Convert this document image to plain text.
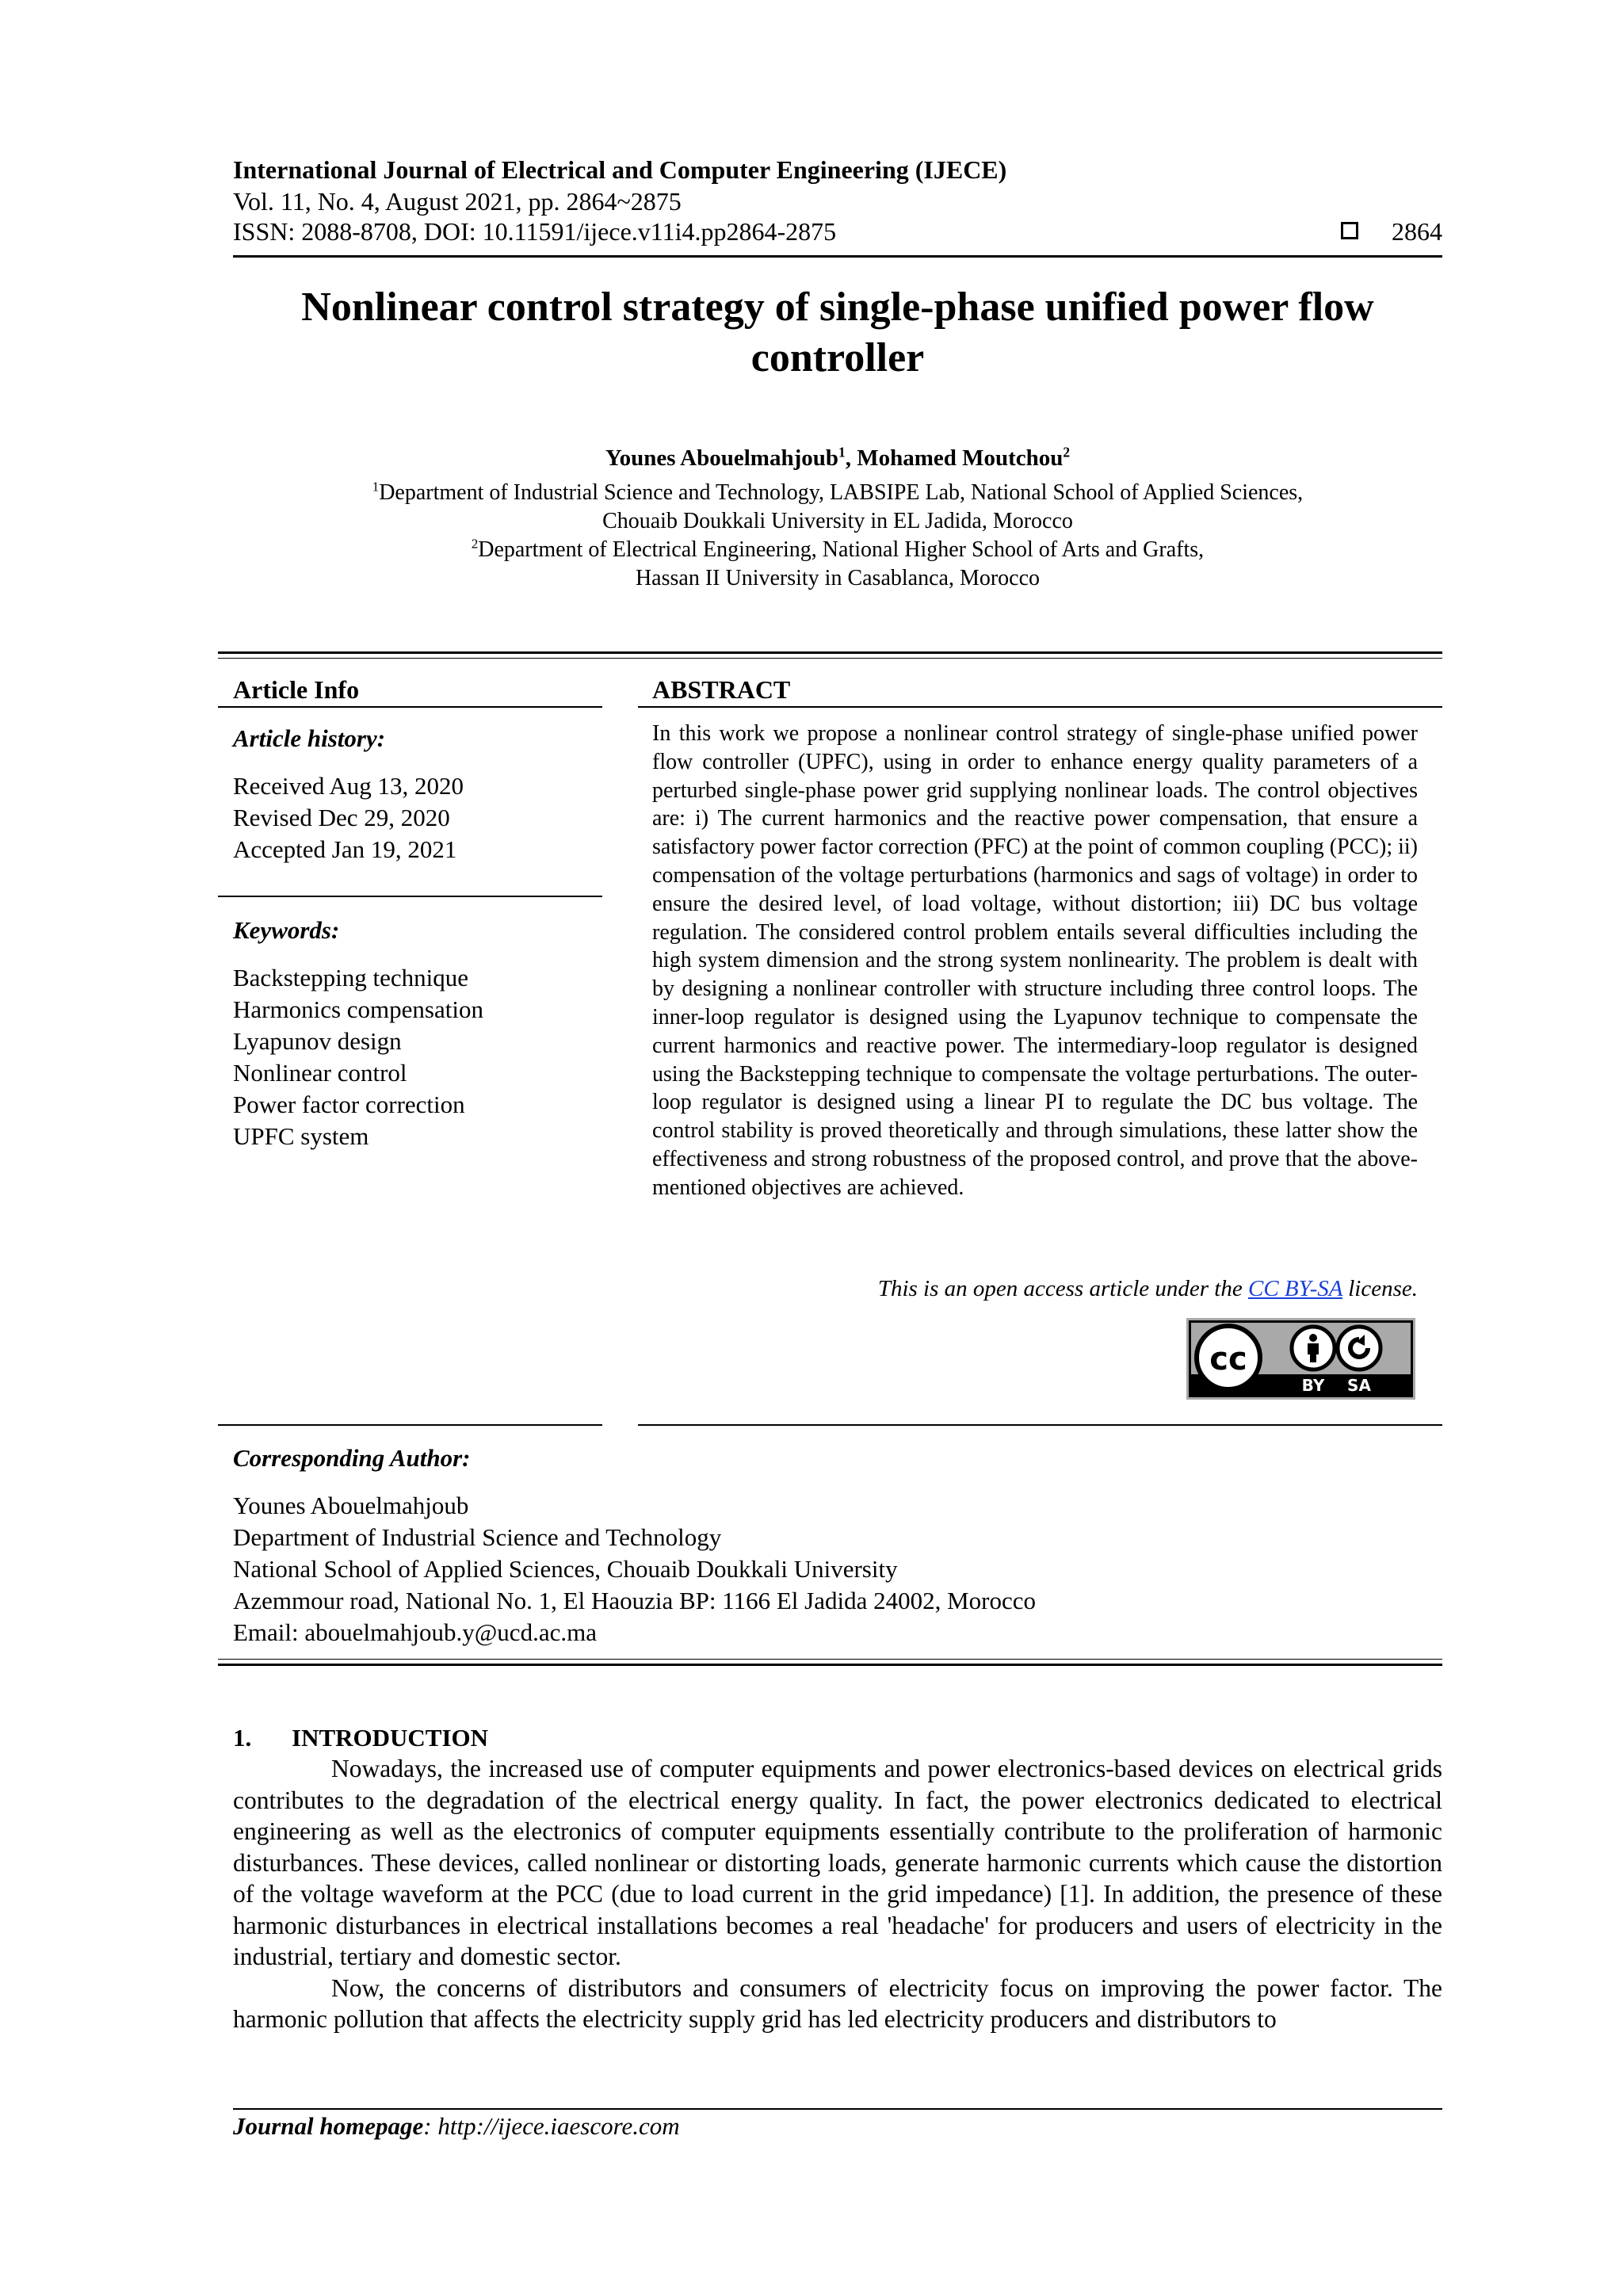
International Journal of Electrical and Computer Engineering (IJECE)
Vol. 11, No. 4, August 2021, pp. 2864~2875
ISSN: 2088-8708, DOI: 10.11591/ijece.v11i4.pp2864-2875	2864
Nonlinear control strategy of single-phase unified power flow
controller
Younes Abouelmahjoub$^1$, Mohamed Moutchou$^2$
$^1$Department of Industrial Science and Technology, LABSIPE Lab, National School of Applied Sciences,
Chouaib Doukkali University in EL Jadida, Morocco
$^2$Department of Electrical Engineering, National Higher School of Arts and Grafts,
Hassan II University in Casablanca, Morocco
Article Info
Article history:
Received Aug 13, 2020
Revised Dec 29, 2020
Accepted Jan 19, 2021
Keywords:
Backstepping technique
Harmonics compensation
Lyapunov design
Nonlinear control
Power factor correction
UPFC system
ABSTRACT
In this work we propose a nonlinear control strategy of single-phase unified power flow controller (UPFC), using in order to enhance energy quality parameters of a perturbed single-phase power grid supplying nonlinear loads. The control objectives are: i) The current harmonics and the reactive power compensation, that ensure a satisfactory power factor correction (PFC) at the point of common coupling (PCC); ii) compensation of the voltage perturbations (harmonics and sags of voltage) in order to ensure the desired level, of load voltage, without distortion; iii) DC bus voltage regulation. The considered control problem entails several difficulties including the high system dimension and the strong system nonlinearity. The problem is dealt with by designing a nonlinear controller with structure including three control loops. The inner-loop regulator is designed using the Lyapunov technique to compensate the current harmonics and reactive power. The intermediary-loop regulator is designed using the Backstepping technique to compensate the voltage perturbations. The outer-loop regulator is designed using a linear PI to regulate the DC bus voltage. The control stability is proved theoretically and through simulations, these latter show the effectiveness and strong robustness of the proposed control, and prove that the above-mentioned objectives are achieved.
This is an open access article under the CC BY-SA license.
cc
BY SA
Corresponding Author:
Younes Abouelmahjoub
Department of Industrial Science and Technology
National School of Applied Sciences, Chouaib Doukkali University
Azemmour road, National No. 1, El Haouzia BP: 1166 El Jadida 24002, Morocco
Email: abouelmahjoub.y@ucd.ac.ma
1. INTRODUCTION

Nowadays, the increased use of computer equipments and power electronics-based devices on electrical grids contributes to the degradation of the electrical energy quality. In fact, the power electronics dedicated to electrical engineering as well as the electronics of computer equipments essentially contribute to the proliferation of harmonic disturbances. These devices, called nonlinear or distorting loads, generate harmonic currents which cause the distortion of the voltage waveform at the PCC (due to load current in the grid impedance) [1]. In addition, the presence of these harmonic disturbances in electrical installations becomes a real 'headache' for producers and users of electricity in the industrial, tertiary and domestic sector.

Now, the concerns of distributors and consumers of electricity focus on improving the power factor. The harmonic pollution that affects the electricity supply grid has led electricity producers and distributors to

Journal homepage: http://ijece.iaescore.com
